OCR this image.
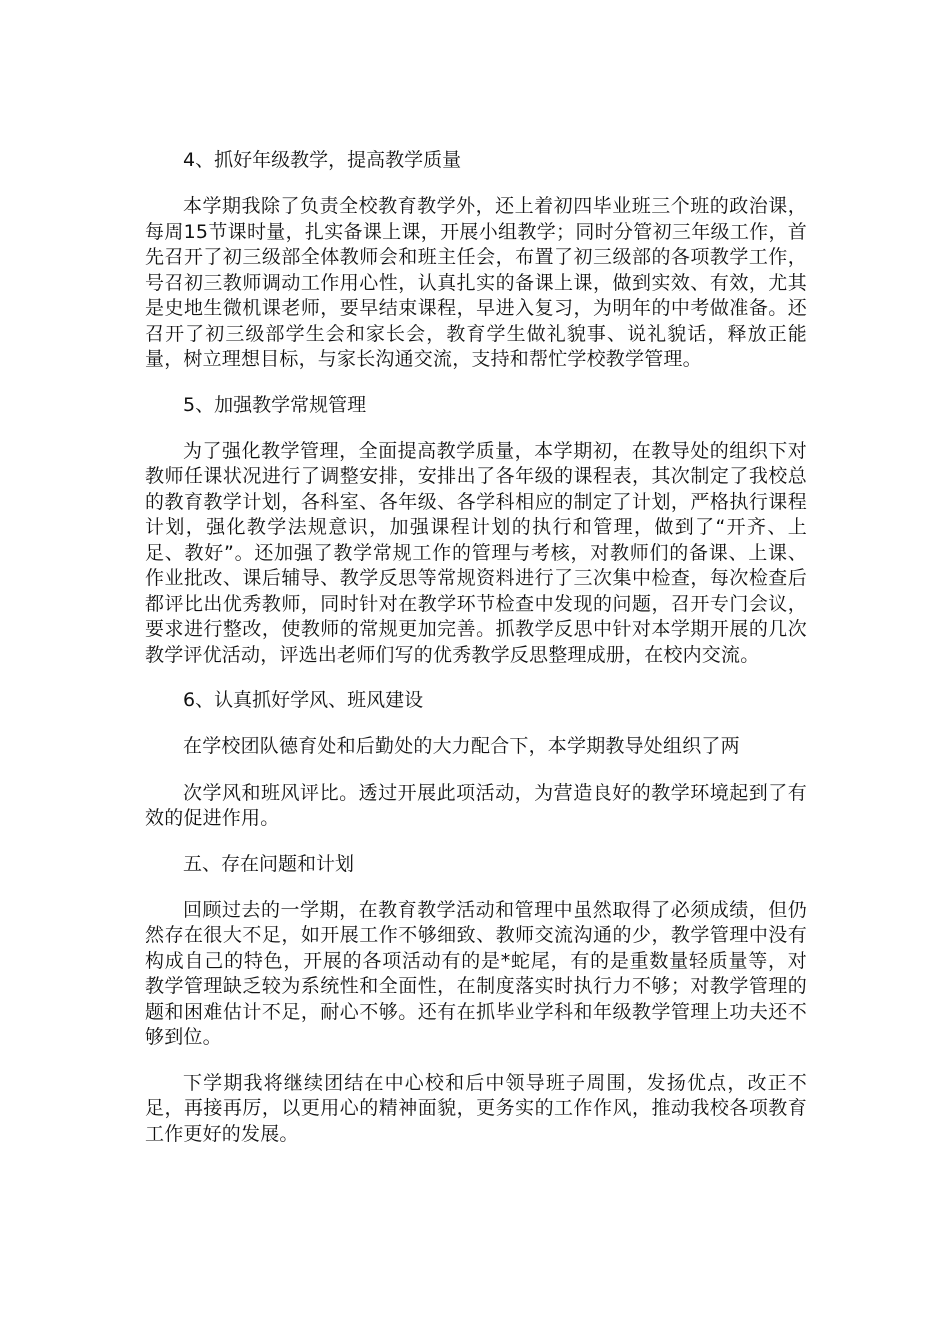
4、抓好年级教学，提高教学质量

本学期我除了负责全校教育教学外，还上着初四毕业班三个班的政治课，每周15节课时量，扎实备课上课，开展小组教学；同时分管初三年级工作，首先召开了初三级部全体教师会和班主任会，布置了初三级部的各项教学工作，号召初三教师调动工作用心性，认真扎实的备课上课，做到实效、有效，尤其是史地生微机课老师，要早结束课程，早进入复习，为明年的中考做准备。还召开了初三级部学生会和家长会，教育学生做礼貌事、说礼貌话，释放正能量，树立理想目标，与家长沟通交流，支持和帮忙学校教学管理。

5、加强教学常规管理

为了强化教学管理，全面提高教学质量，本学期初，在教导处的组织下对教师任课状况进行了调整安排，安排出了各年级的课程表，其次制定了我校总的教育教学计划，各科室、各年级、各学科相应的制定了计划，严格执行课程计划，强化教学法规意识，加强课程计划的执行和管理，做到了“开齐、上足、教好”。还加强了教学常规工作的管理与考核，对教师们的备课、上课、作业批改、课后辅导、教学反思等常规资料进行了三次集中检查，每次检查后都评比出优秀教师，同时针对在教学环节检查中发现的问题，召开专门会议，要求进行整改，使教师的常规更加完善。抓教学反思中针对本学期开展的几次教学评优活动，评选出老师们写的优秀教学反思整理成册，在校内交流。

6、认真抓好学风、班风建设

在学校团队德育处和后勤处的大力配合下，本学期教导处组织了两

次学风和班风评比。透过开展此项活动，为营造良好的教学环境起到了有效的促进作用。

五、存在问题和计划

回顾过去的一学期，在教育教学活动和管理中虽然取得了必须成绩，但仍然存在很大不足，如开展工作不够细致、教师交流沟通的少，教学管理中没有构成自己的特色，开展的各项活动有的是*蛇尾，有的是重数量轻质量等，对教学管理缺乏较为系统性和全面性，在制度落实时执行力不够；对教学管理的题和困难估计不足，耐心不够。还有在抓毕业学科和年级教学管理上功夫还不够到位。

下学期我将继续团结在中心校和后中领导班子周围，发扬优点，改正不足，再接再厉，以更用心的精神面貌，更务实的工作作风，推动我校各项教育工作更好的发展。
